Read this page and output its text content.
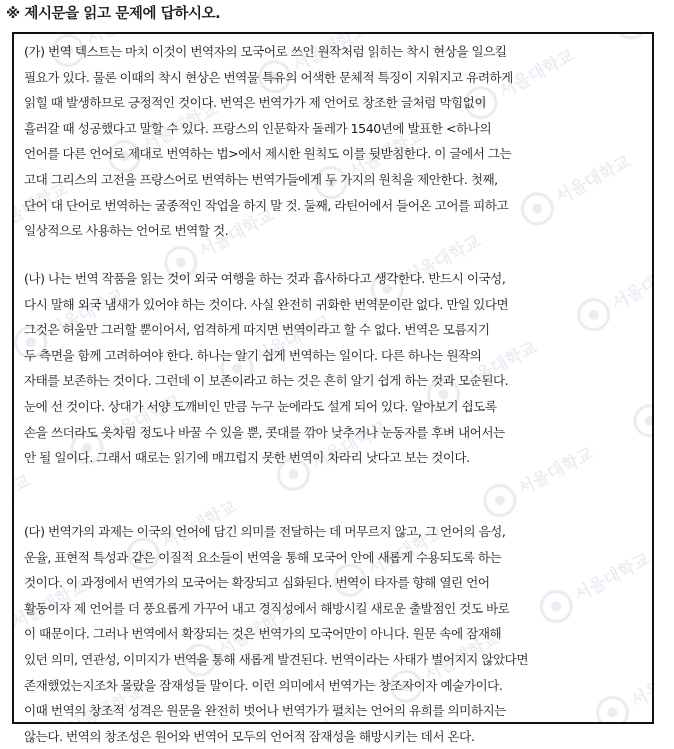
※ 제시문을 읽고 문제에 답하시오.
(가) 번역 텍스트는 마치 이것이 번역자의 모국어로 쓰인 원작처럼 읽히는 착시 현상을 일으킬
필요가 있다. 물론 이때의 착시 현상은 번역물 특유의 어색한 문체적 특징이 지워지고 유려하게
읽힐 때 발생하므로 긍정적인 것이다. 번역은 번역가가 제 언어로 창조한 글처럼 막힘없이
흘러갈 때 성공했다고 말할 수 있다. 프랑스의 인문학자 돌레가 1540년에 발표한 <하나의
언어를 다른 언어로 제대로 번역하는 법>에서 제시한 원칙도 이를 뒷받침한다. 이 글에서 그는
고대 그리스의 고전을 프랑스어로 번역하는 번역가들에게 두 가지의 원칙을 제안한다. 첫째,
단어 대 단어로 번역하는 굴종적인 작업을 하지 말 것. 둘째, 라틴어에서 들어온 고어를 피하고
일상적으로 사용하는 언어로 번역할 것.
(나) 나는 번역 작품을 읽는 것이 외국 여행을 하는 것과 흡사하다고 생각한다. 반드시 이국성,
다시 말해 외국 냄새가 있어야 하는 것이다. 사실 완전히 귀화한 번역문이란 없다. 만일 있다면
그것은 허울만 그러할 뿐이어서, 엄격하게 따지면 번역이라고 할 수 없다. 번역은 모름지기
두 측면을 함께 고려하여야 한다. 하나는 알기 쉽게 번역하는 일이다. 다른 하나는 원작의
자태를 보존하는 것이다. 그런데 이 보존이라고 하는 것은 흔히 알기 쉽게 하는 것과 모순된다.
눈에 선 것이다. 상대가 서양 도깨비인 만큼 누구 눈에라도 설게 되어 있다. 알아보기 쉽도록
손을 쓰더라도 옷차림 정도나 바꿀 수 있을 뿐, 콧대를 깎아 낮추거나 눈동자를 후벼 내어서는
안 될 일이다. 그래서 때로는 읽기에 매끄럽지 못한 번역이 차라리 낫다고 보는 것이다.
(다) 번역가의 과제는 이국의 언어에 담긴 의미를 전달하는 데 머무르지 않고, 그 언어의 음성,
운율, 표현적 특성과 같은 이질적 요소들이 번역을 통해 모국어 안에 새롭게 수용되도록 하는
것이다. 이 과정에서 번역가의 모국어는 확장되고 심화된다. 번역이 타자를 향해 열린 언어
활동이자 제 언어를 더 풍요롭게 가꾸어 내고 경직성에서 해방시킬 새로운 출발점인 것도 바로
이 때문이다. 그러나 번역에서 확장되는 것은 번역가의 모국어만이 아니다. 원문 속에 잠재해
있던 의미, 연관성, 이미지가 번역을 통해 새롭게 발견된다. 번역이라는 사태가 벌어지지 않았다면
존재했었는지조차 몰랐을 잠재성들 말이다. 이런 의미에서 번역가는 창조자이자 예술가이다.
이때 번역의 창조적 성격은 원문을 완전히 벗어나 번역가가 펼치는 언어의 유희를 의미하지는
않는다. 번역의 창조성은 원어와 번역어 모두의 언어적 잠재성을 해방시키는 데서 온다.
